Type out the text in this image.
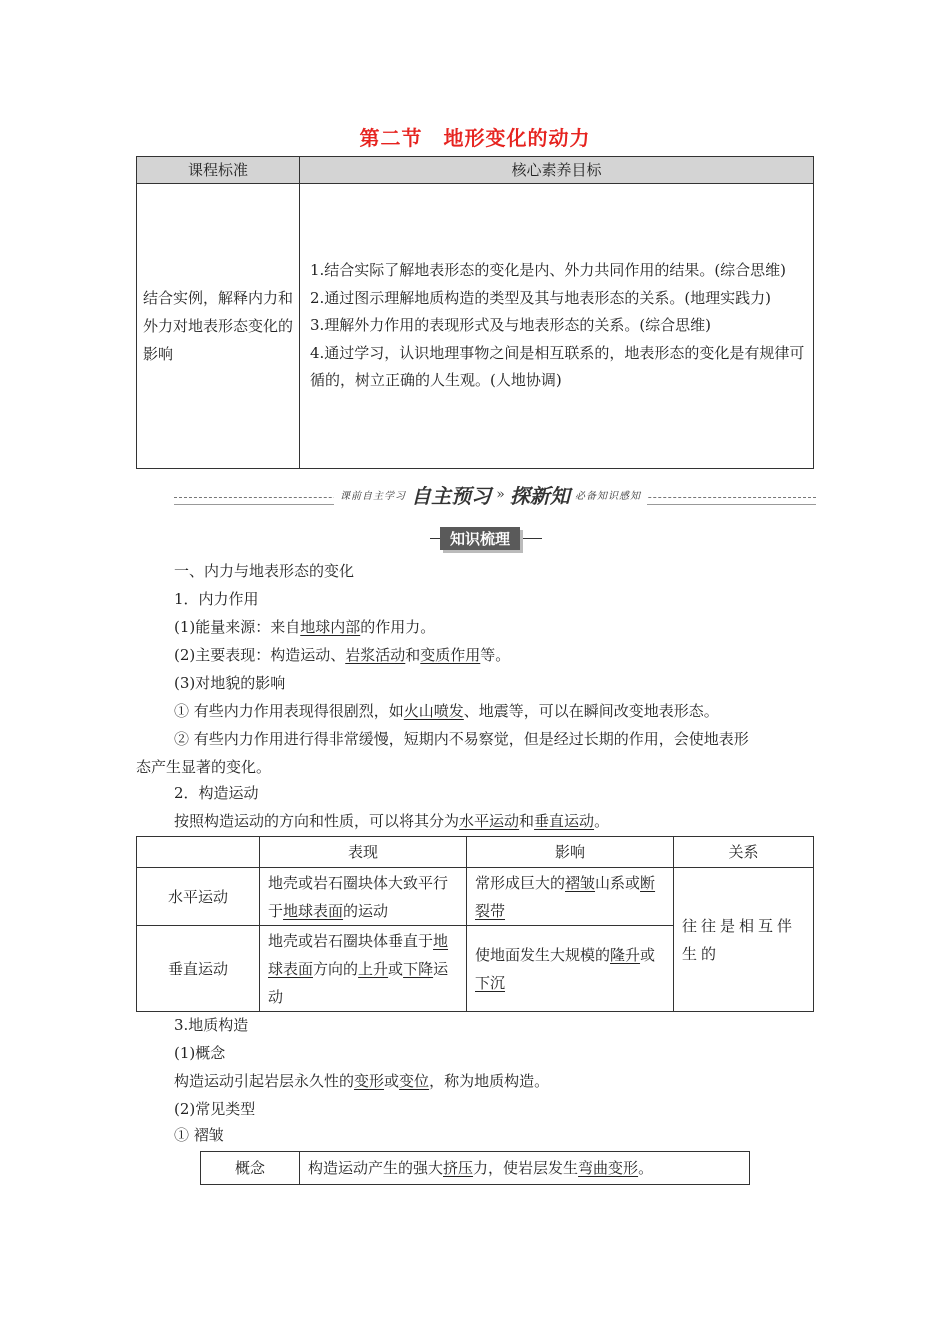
第二节　地形变化的动力
课程标准	核心素养目标
结合实例，解释内力和外力对地表形态变化的影响	1.结合实际了解地表形态的变化是内、外力共同作用的结果。(综合思维)
2.通过图示理解地质构造的类型及其与地表形态的关系。(地理实践力)
3.理解外力作用的表现形式及与地表形态的关系。(综合思维)
4.通过学习，认识地理事物之间是相互联系的，地表形态的变化是有规律可循的，树立正确的人生观。(人地协调)
课前自主学习 自主预习 » 探新知 必备知识感知
知识梳理
一、内力与地表形态的变化
1．内力作用
(1)能量来源：来自地球内部的作用力。
(2)主要表现：构造运动、岩浆活动和变质作用等。
(3)对地貌的影响
① 有些内力作用表现得很剧烈，如火山喷发、地震等，可以在瞬间改变地表形态。
② 有些内力作用进行得非常缓慢，短期内不易察觉，但是经过长期的作用，会使地表形
态产生显著的变化。
2．构造运动
按照构造运动的方向和性质，可以将其分为水平运动和垂直运动。
	表现	影响	关系
水平运动	地壳或岩石圈块体大致平行于地球表面的运动	常形成巨大的褶皱山系或断裂带	往往是相互伴生的
垂直运动	地壳或岩石圈块体垂直于地球表面方向的上升或下降运动	使地面发生大规模的隆升或下沉	
3.地质构造
(1)概念
构造运动引起岩层永久性的变形或变位，称为地质构造。
(2)常见类型
① 褶皱
概念	构造运动产生的强大挤压力，使岩层发生弯曲变形。
